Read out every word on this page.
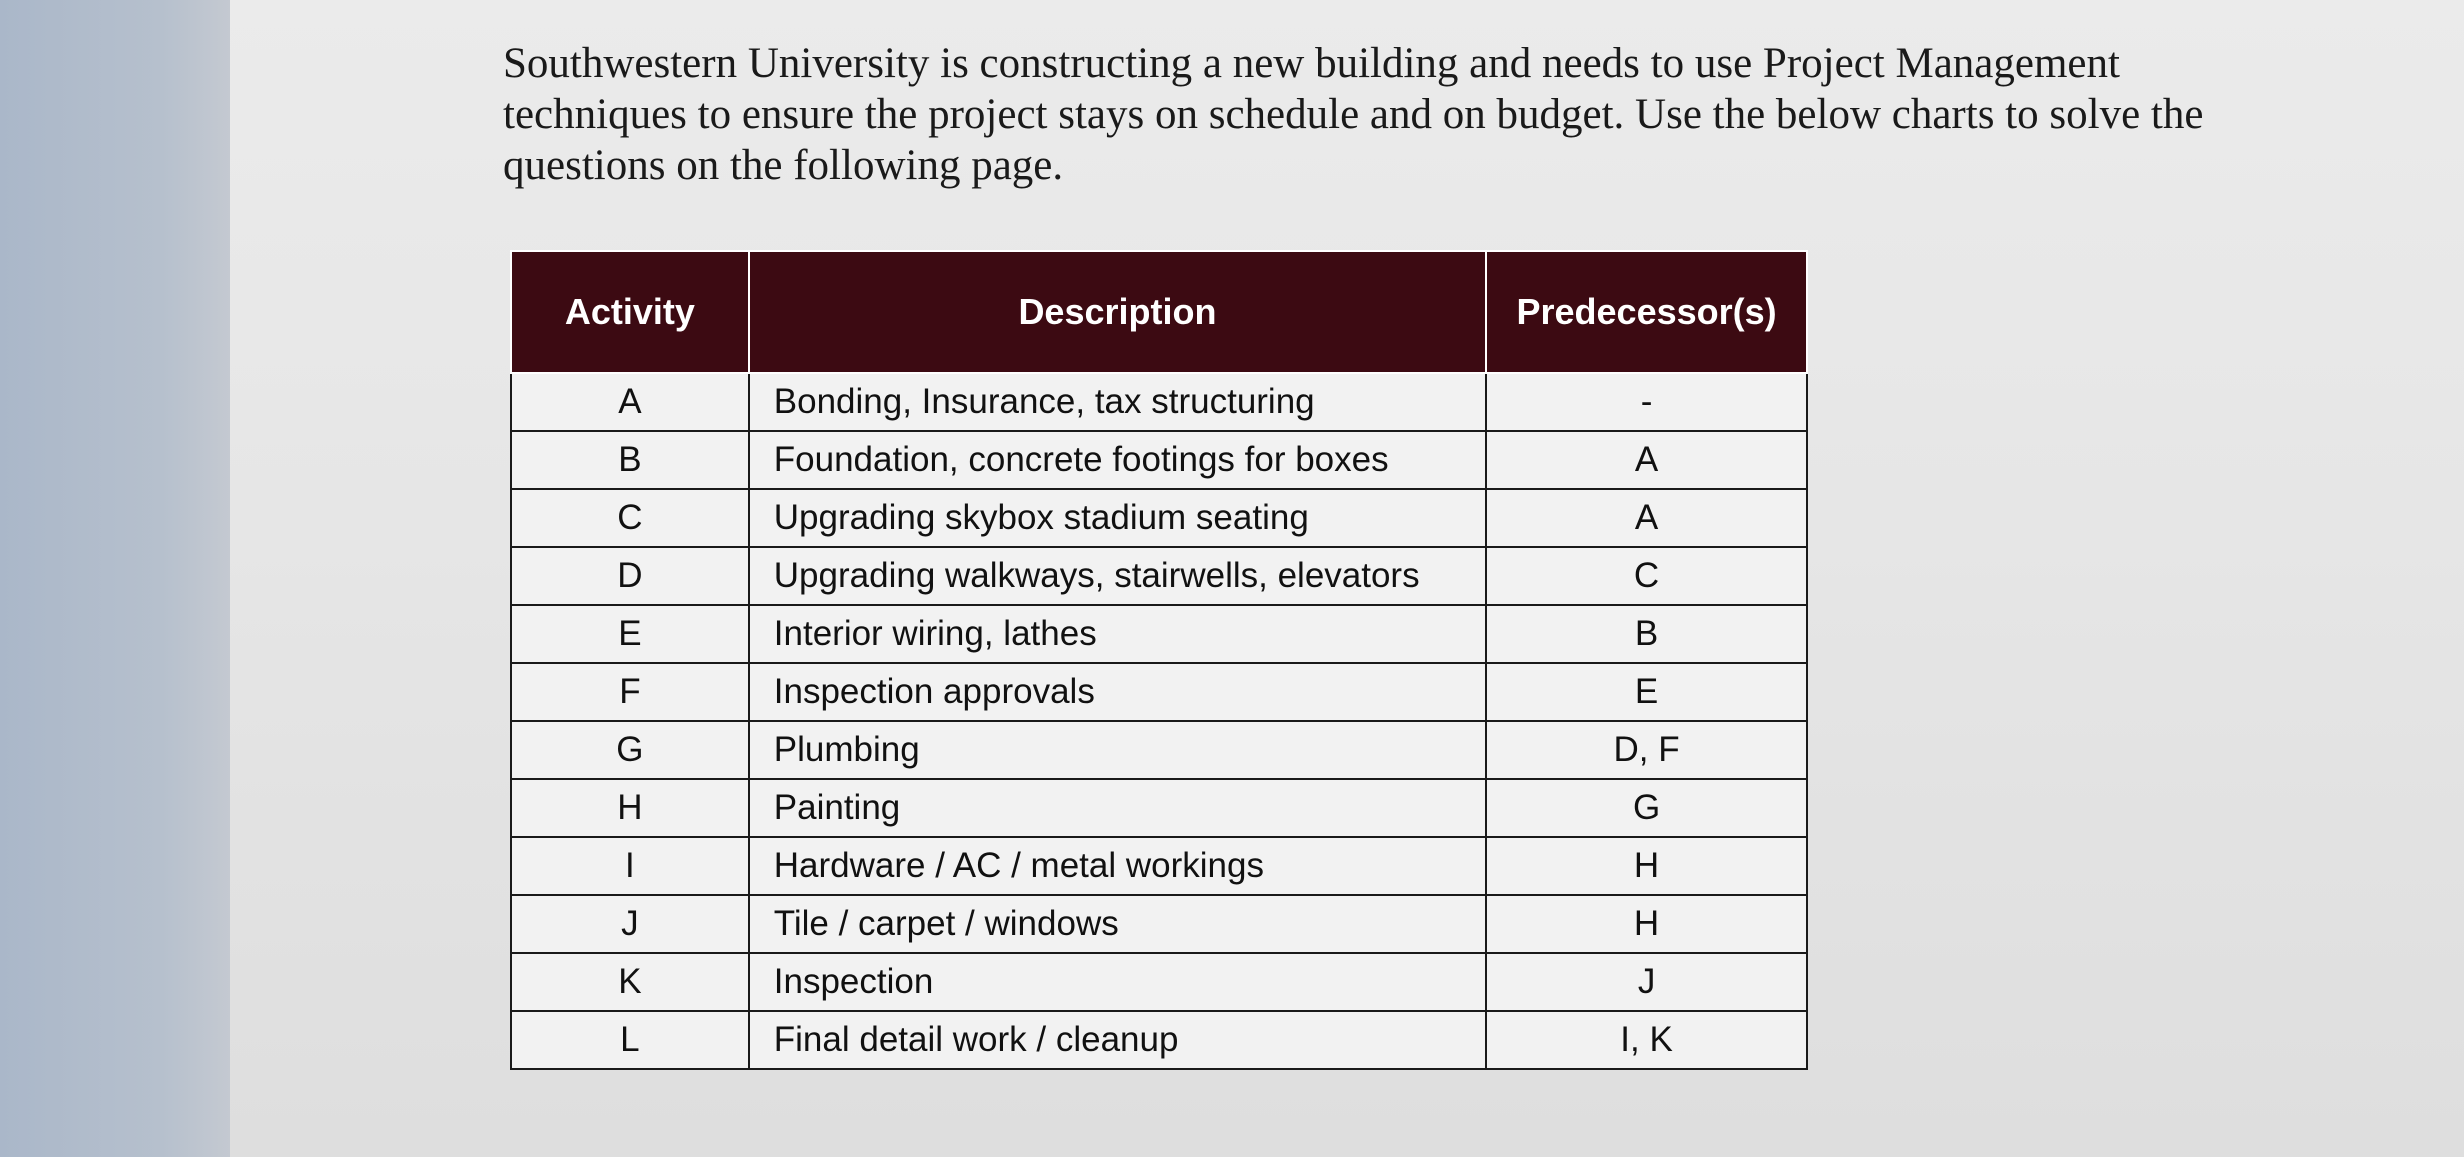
Southwestern University is constructing a new building and needs to use Project Management
techniques to ensure the project stays on schedule and on budget. Use the below charts to solve the
questions on the following page.

Activity	Description	Predecessor(s)
A	Bonding, Insurance, tax structuring	-
B	Foundation, concrete footings for boxes	A
C	Upgrading skybox stadium seating	A
D	Upgrading walkways, stairwells, elevators	C
E	Interior wiring, lathes	B
F	Inspection approvals	E
G	Plumbing	D, F
H	Painting	G
I	Hardware / AC / metal workings	H
J	Tile / carpet / windows	H
K	Inspection	J
L	Final detail work / cleanup	I, K
